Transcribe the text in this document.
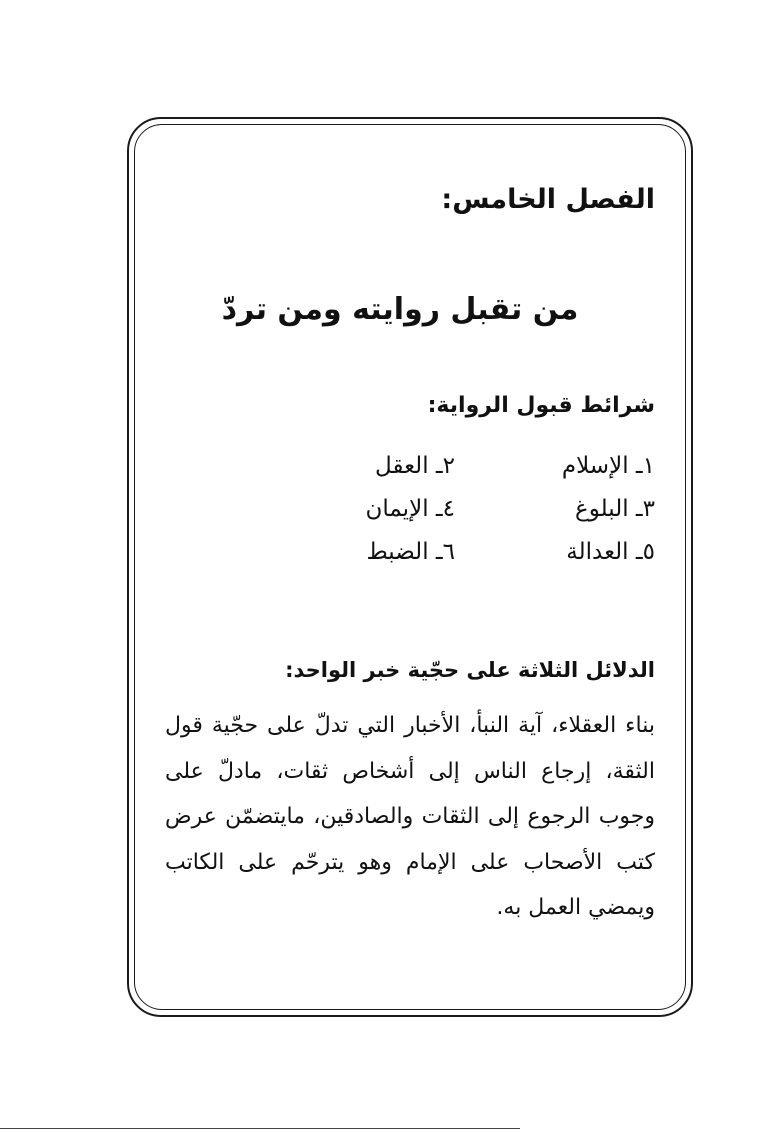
الفصل الخامس:
من تقبل روايته ومن تردّ
شرائط قبول الرواية:
١ـ الإسلام
٢ـ العقل
٣ـ البلوغ
٤ـ الإيمان
٥ـ العدالة
٦ـ الضبط
الدلائل الثلاثة على حجّية خبر الواحد:
بناء العقلاء، آية النبأ، الأخبار التي تدلّ على حجّية قول الثقة، إرجاع الناس إلى أشخاص ثقات، مادلّ على وجوب الرجوع إلى الثقات والصادقين، مايتضمّن عرض كتب الأصحاب على الإمام وهو يترحّم على الكاتب ويمضي العمل به.
